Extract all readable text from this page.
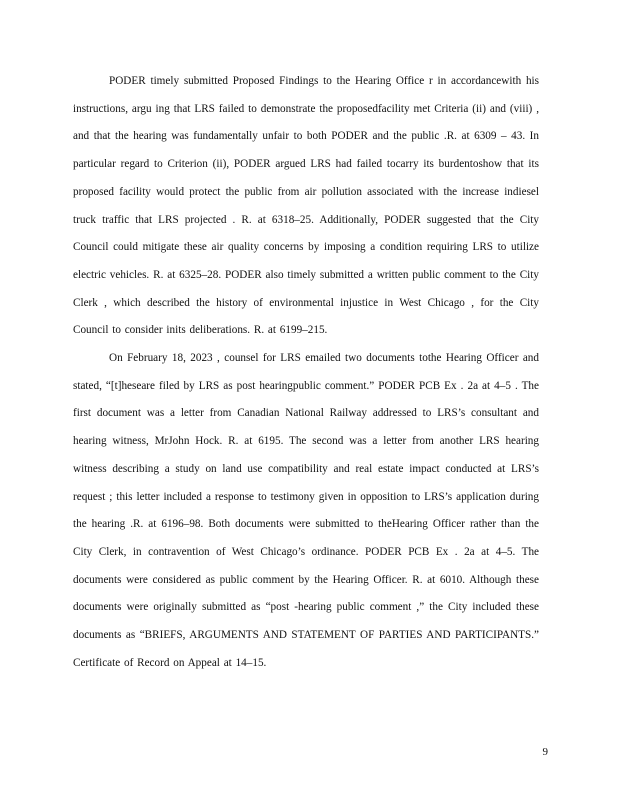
PODER timely submitted Proposed Findings to the Hearing Office r in accordancewith his instructions, argu ing that LRS failed to demonstrate the proposedfacility met Criteria (ii) and (viii) , and that the hearing was fundamentally unfair to both PODER and the public .R. at 6309 – 43. In particular regard to Criterion (ii), PODER argued LRS had failed tocarry its burdentoshow that its proposed facility would protect the public from air pollution associated with the increase indiesel truck traffic that LRS projected . R. at 6318–25. Additionally, PODER suggested that the City Council could mitigate these air quality concerns by imposing a condition requiring LRS to utilize electric vehicles. R. at 6325–28. PODER also timely submitted a written public comment to the City Clerk , which described the history of environmental injustice in West Chicago , for the City Council to consider inits deliberations. R. at 6199–215.

On February 18, 2023 , counsel for LRS emailed two documents tothe Hearing Officer and stated, “[t]heseare filed by LRS as post hearingpublic comment.” PODER PCB Ex . 2a at 4–5 . The first document was a letter from Canadian National Railway addressed to LRS’s consultant and hearing witness, MrJohn Hock. R. at 6195. The second was a letter from another LRS hearing witness describing a study on land use compatibility and real estate impact conducted at LRS’s request ; this letter included a response to testimony given in opposition to LRS’s application during the hearing .R. at 6196–98. Both documents were submitted to theHearing Officer rather than the City Clerk, in contravention of West Chicago’s ordinance. PODER PCB Ex . 2a at 4–5. The documents were considered as public comment by the Hearing Officer. R. at 6010. Although these documents were originally submitted as “post -hearing public comment ,” the City included these documents as “BRIEFS, ARGUMENTS AND STATEMENT OF PARTIES AND PARTICIPANTS.” Certificate of Record on Appeal at 14–15.

9
